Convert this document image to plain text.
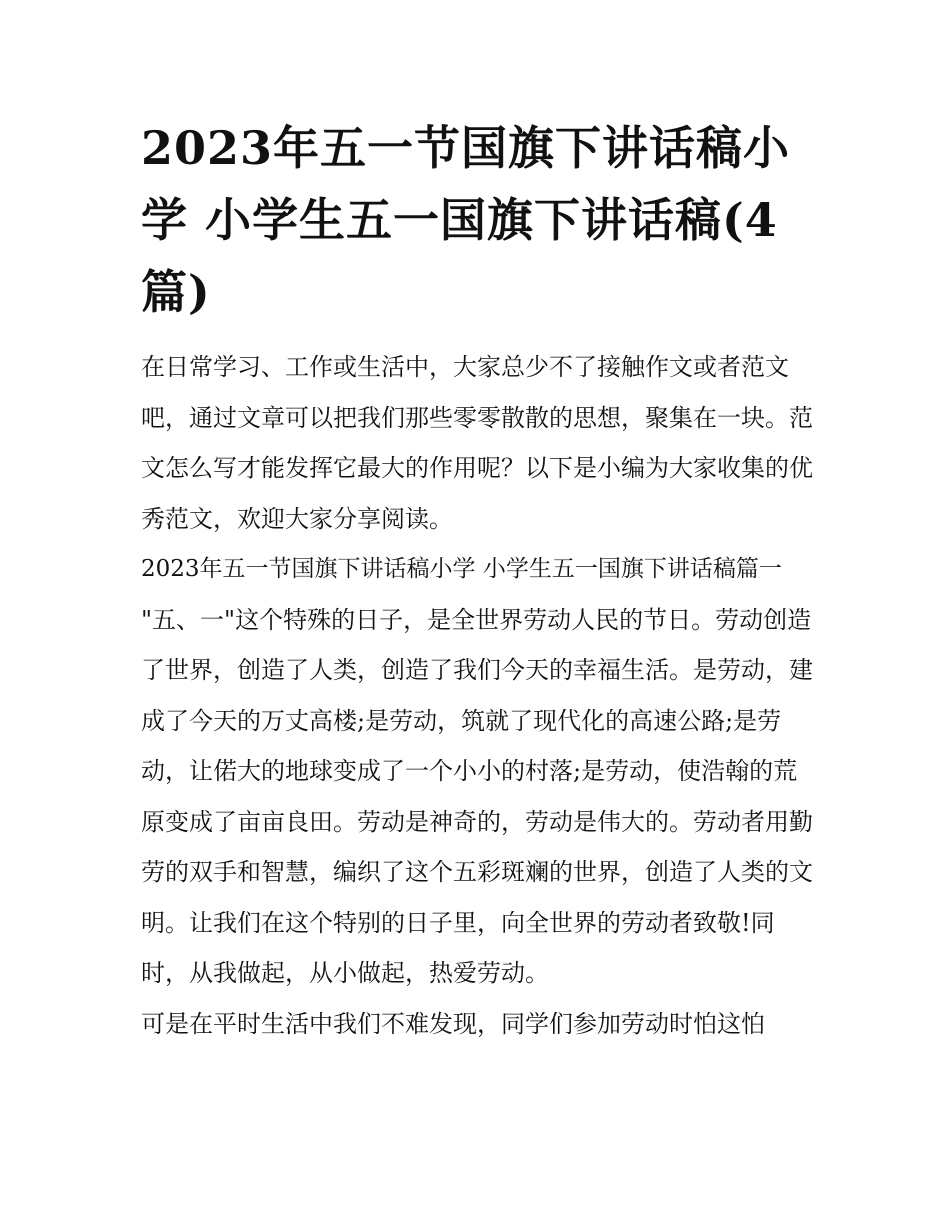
2023年五一节国旗下讲话稿小学 小学生五一国旗下讲话稿(4篇)

在日常学习、工作或生活中，大家总少不了接触作文或者范文吧，通过文章可以把我们那些零零散散的思想，聚集在一块。范文怎么写才能发挥它最大的作用呢？以下是小编为大家收集的优秀范文，欢迎大家分享阅读。

2023年五一节国旗下讲话稿小学 小学生五一国旗下讲话稿篇一

"五、一"这个特殊的日子，是全世界劳动人民的节日。劳动创造了世界，创造了人类，创造了我们今天的幸福生活。是劳动，建成了今天的万丈高楼;是劳动，筑就了现代化的高速公路;是劳动，让偌大的地球变成了一个小小的村落;是劳动，使浩翰的荒原变成了亩亩良田。劳动是神奇的，劳动是伟大的。劳动者用勤劳的双手和智慧，编织了这个五彩斑斓的世界，创造了人类的文明。让我们在这个特别的日子里，向全世界的劳动者致敬!同时，从我做起，从小做起，热爱劳动。

可是在平时生活中我们不难发现，同学们参加劳动时怕这怕
